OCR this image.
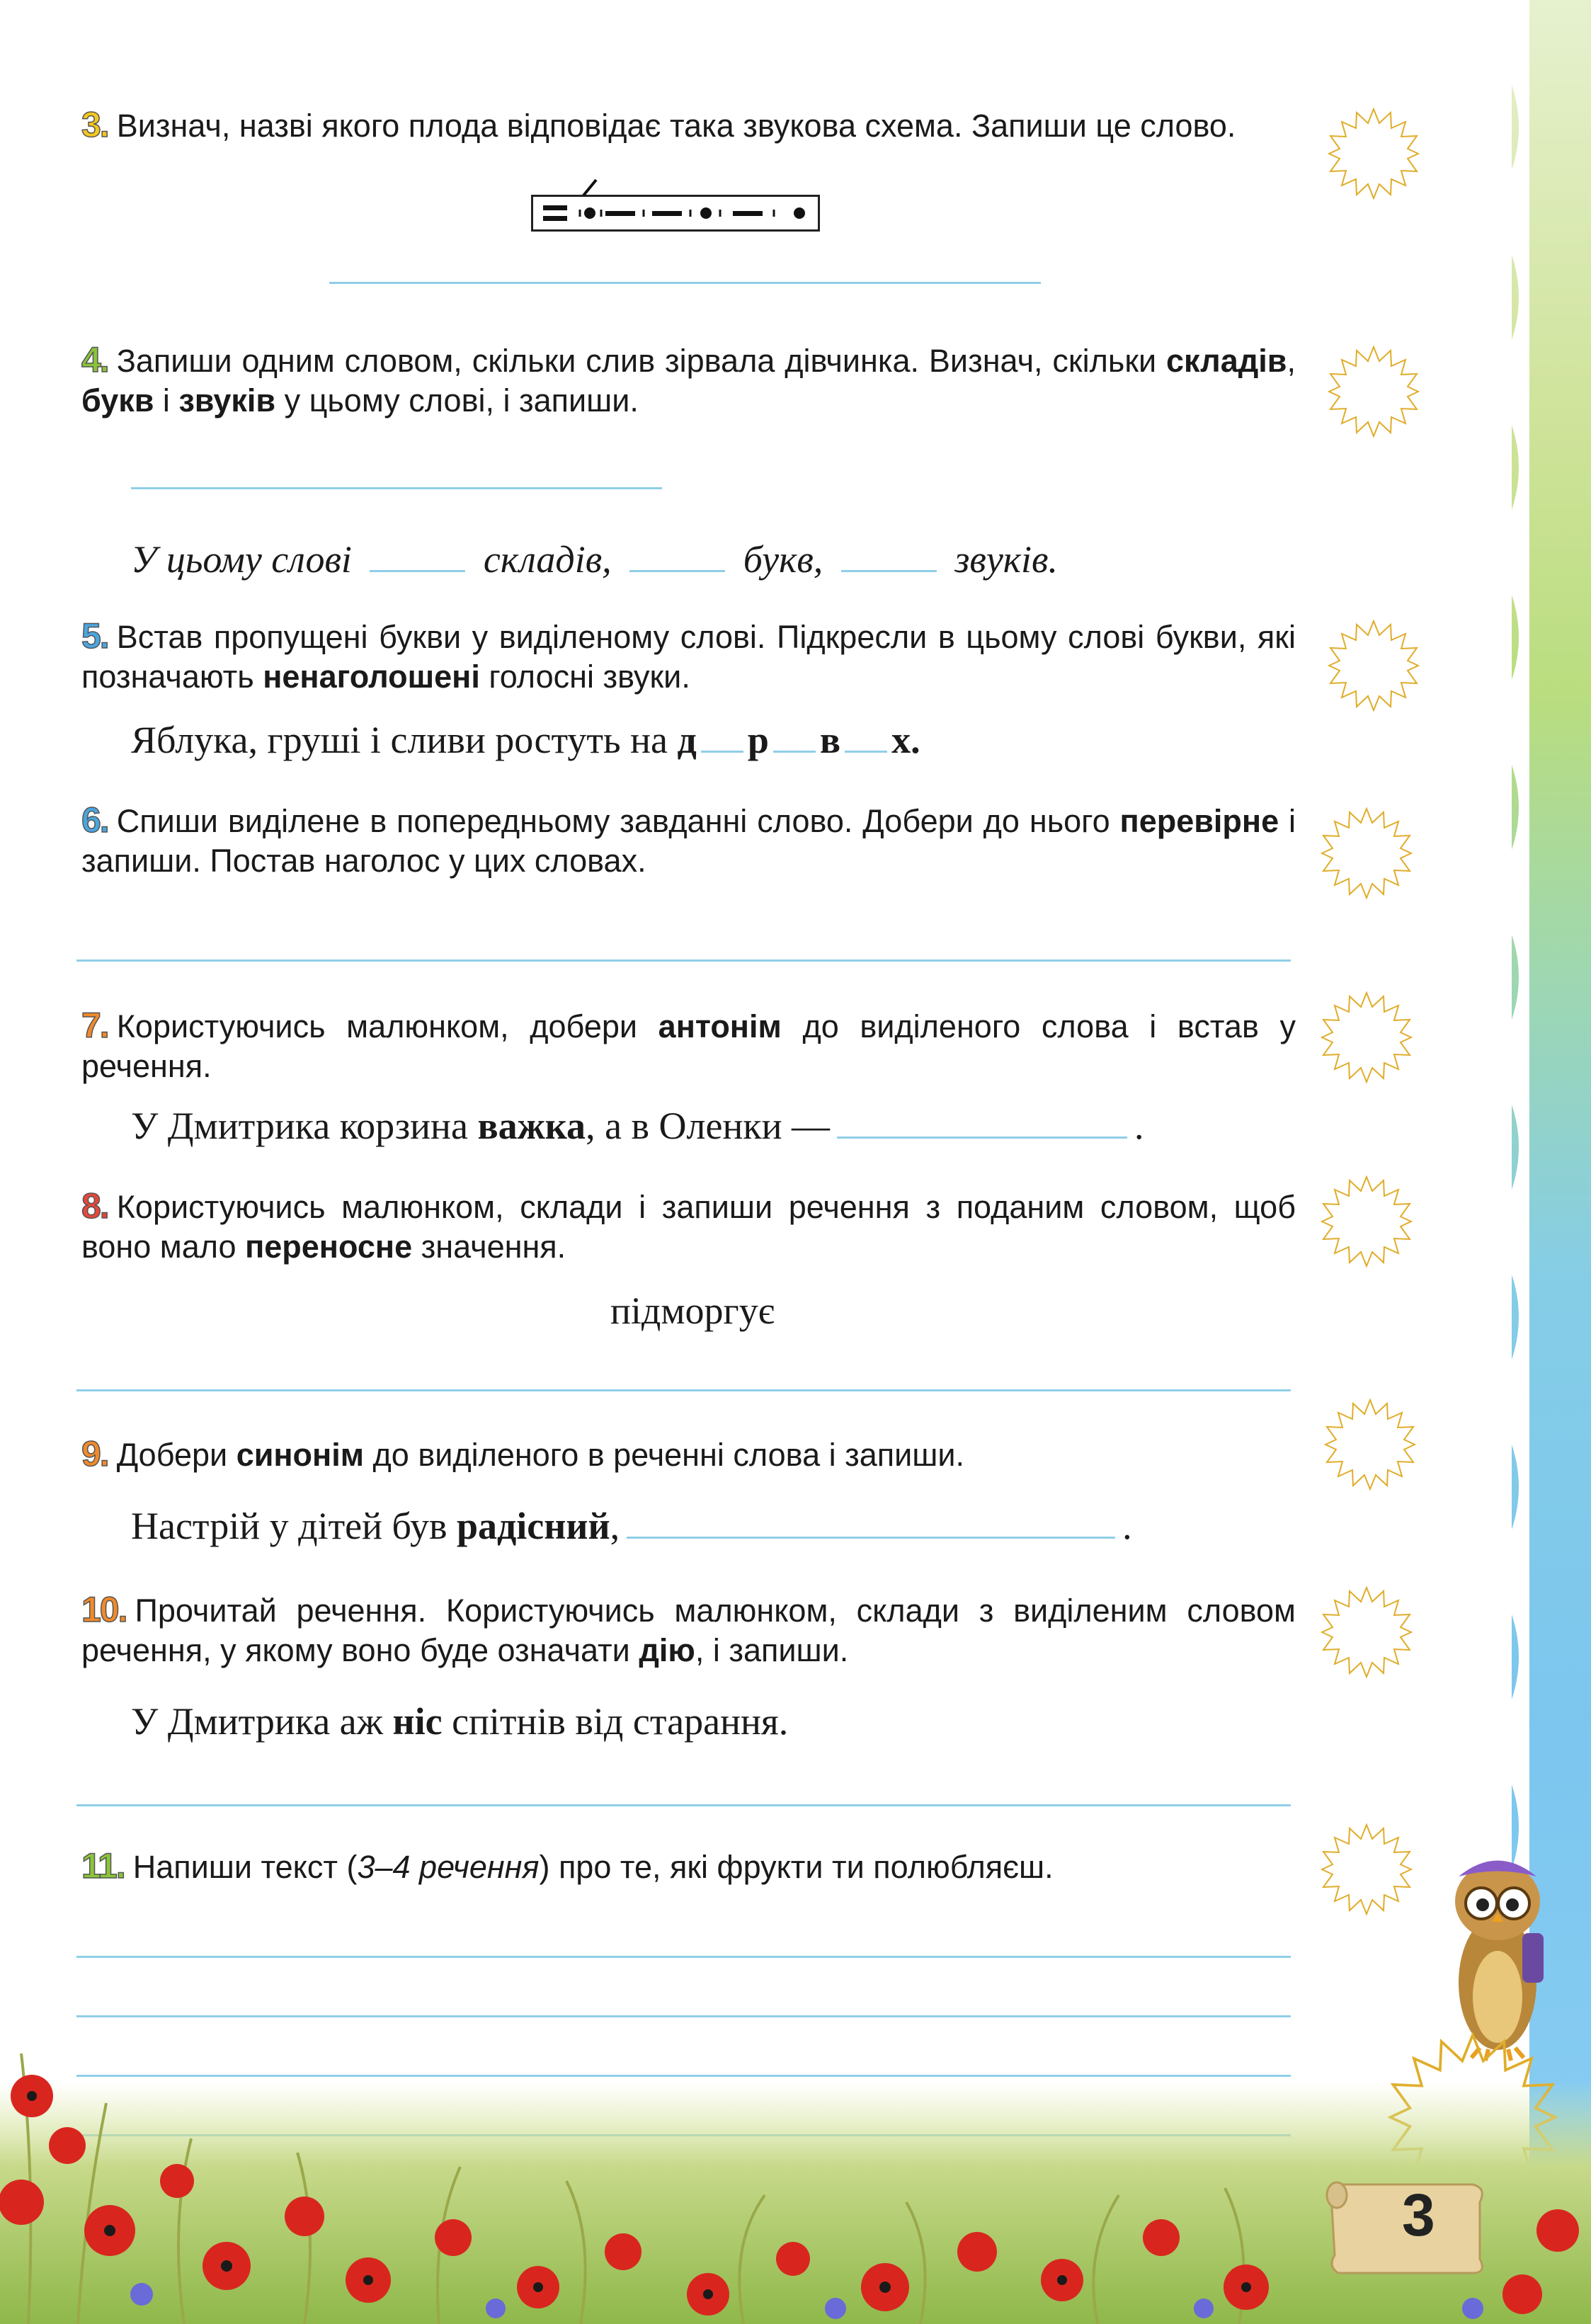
3. Визнач, назві якого плода відповідає така звукова схема. Запиши це слово.
4. Запиши одним словом, скільки слив зірвала дівчинка. Визнач, скільки складів, букв і звуків у цьому слові, і запиши.
У цьому слові	складів,	букв,	звуків.
5. Встав пропущені букви у виділеному слові. Підкресли в цьому слові букви, які позначають ненаголошені голосні звуки.
Яблука, груші і сливи ростуть на д р в х.
6. Спиши виділене в попередньому завданні слово. Добери до нього перевірне і запиши. Постав наголос у цих словах.
7. Користуючись малюнком, добери антонім до виділеного слова і встав у речення.
У Дмитрика корзина важка, а в Оленки —	.
8. Користуючись малюнком, склади і запиши речення з поданим словом, щоб воно мало переносне значення.
підморгує
9. Добери синонім до виділеного в реченні слова і запиши.
Настрій у дітей був радісний,	.
10. Прочитай речення. Користуючись малюнком, склади з виділеним словом речення, у якому воно буде означати дію, і запиши.
У Дмитрика аж ніс спітнів від старання.
11. Напиши текст (3–4 речення) про те, які фрукти ти полюбляєш.
3
